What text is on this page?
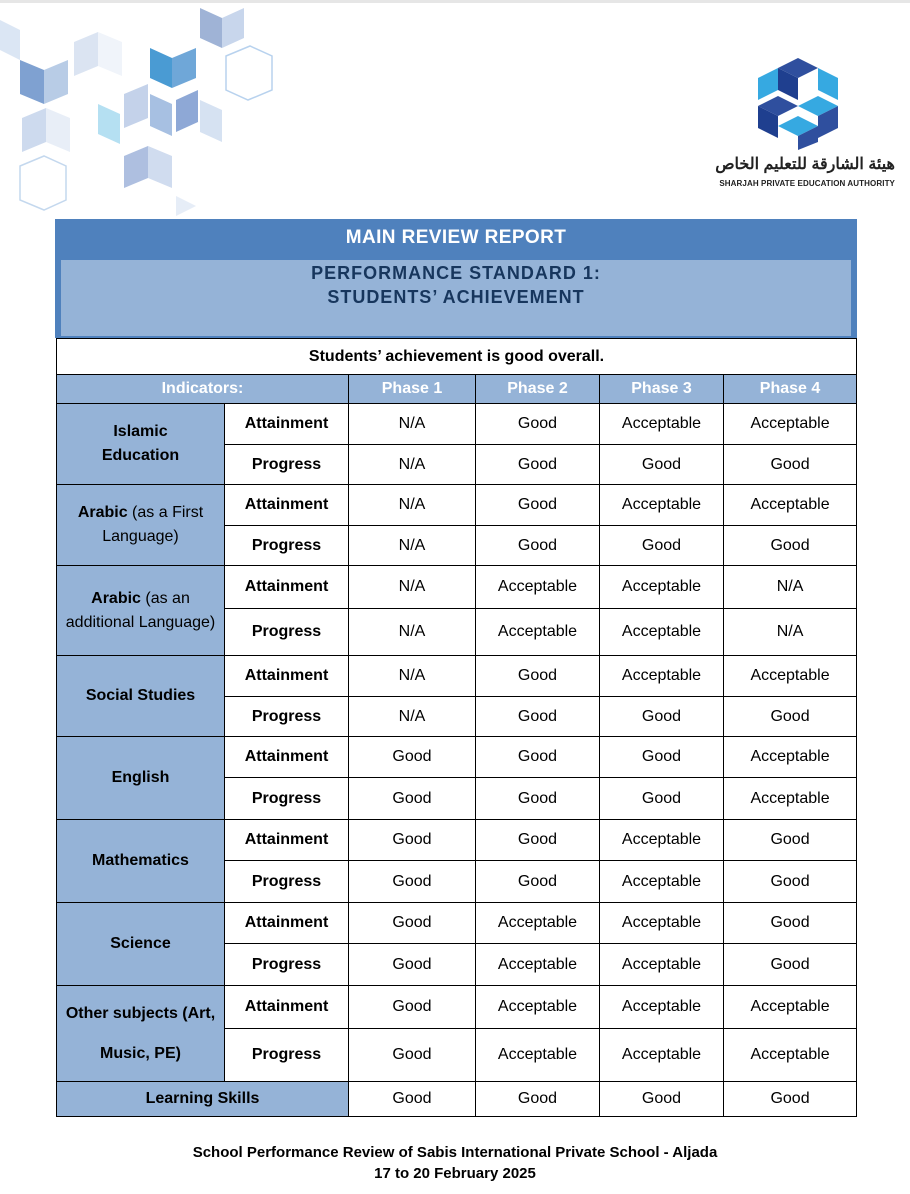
هيئة الشارقة للتعليم الخاص
SHARJAH PRIVATE EDUCATION AUTHORITY
MAIN REVIEW REPORT
PERFORMANCE STANDARD 1:
STUDENTS’ ACHIEVEMENT
Students’ achievement is good overall.					
Indicators:		Phase 1	Phase 2	Phase 3	Phase 4
Islamic Education	Attainment	N/A	Good	Acceptable	Acceptable
	Progress	N/A	Good	Good	Good
Arabic (as a First Language)	Attainment	N/A	Good	Acceptable	Acceptable
	Progress	N/A	Good	Good	Good
Arabic (as an additional Language)	Attainment	N/A	Acceptable	Acceptable	N/A
	Progress	N/A	Acceptable	Acceptable	N/A
Social Studies	Attainment	N/A	Good	Acceptable	Acceptable
	Progress	N/A	Good	Good	Good
English	Attainment	Good	Good	Good	Acceptable
	Progress	Good	Good	Good	Acceptable
Mathematics	Attainment	Good	Good	Acceptable	Good
	Progress	Good	Good	Acceptable	Good
Science	Attainment	Good	Acceptable	Acceptable	Good
	Progress	Good	Acceptable	Acceptable	Good
Other subjects (Art, Music, PE)	Attainment	Good	Acceptable	Acceptable	Acceptable
	Progress	Good	Acceptable	Acceptable	Acceptable
Learning Skills		Good	Good	Good	Good
School Performance Review of Sabis International Private School - Aljada
17 to 20 February 2025
